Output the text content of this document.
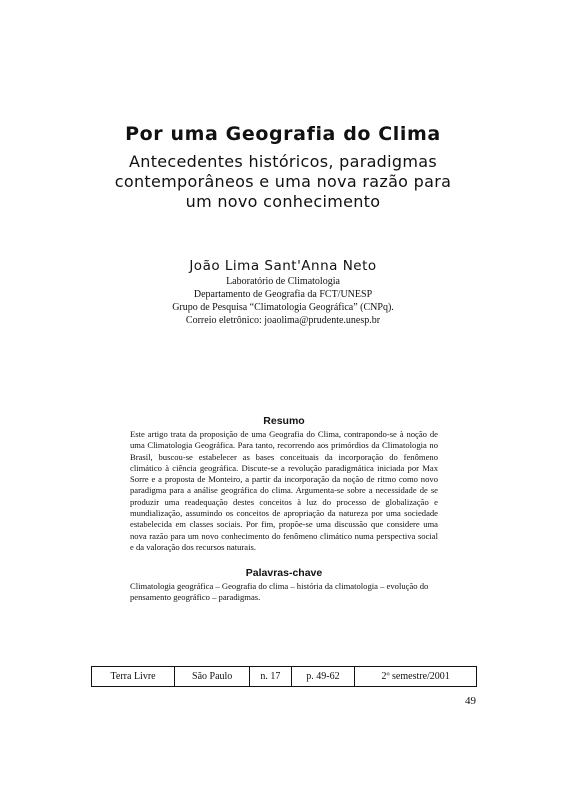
Por uma Geografia do Clima
Antecedentes históricos, paradigmas
contemporâneos e uma nova razão para
um novo conhecimento
João Lima Sant'Anna Neto
Laboratório de Climatologia
Departamento de Geografia da FCT/UNESP
Grupo de Pesquisa “Climatologia Geográfica” (CNPq).
Correio eletrônico: joaolima@prudente.unesp.br
Resumo
Este artigo trata da proposição de uma Geografia do Clima, contrapondo-se à noção de uma Climatologia Geográfica. Para tanto, recorrendo aos primórdios da Climatologia no Brasil, buscou-se estabelecer as bases conceituais da incorporação do fenômeno climático à ciência geográfica. Discute-se a revolução paradigmática iniciada por Max Sorre e a proposta de Monteiro, a partir da incorporação da noção de ritmo como novo paradigma para a análise geográfica do clima. Argumenta-se sobre a necessidade de se produzir uma readequação destes conceitos à luz do processo de globalização e mundialização, assumindo os conceitos de apropriação da natureza por uma sociedade estabelecida em classes sociais. Por fim, propõe-se uma discussão que considere uma nova razão para um novo conhecimento do fenômeno climático numa perspectiva social e da valoração dos recursos naturais.
Palavras-chave
Climatologia geográfica – Geografia do clima – história da climatologia – evolução do pensamento geográfico – paradigmas.
Terra Livre	São Paulo	n. 17	p. 49-62	2º semestre/2001
49
